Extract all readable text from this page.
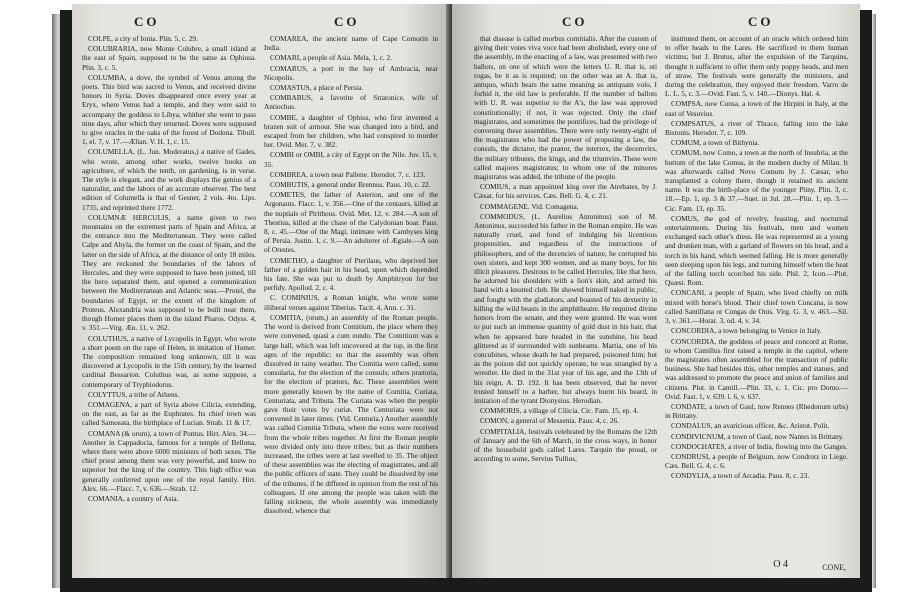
CO	CO

COLPE, a city of Ionia. Plin. 5, c. 29.

COLUBRARIA, now Monte Colubre, a small island at the east of Spain, supposed to be the same as Ophiusa. Plin. 3, c. 5.

COLUMBA, a dove, the symbol of Venus among the poets. This bird was sacred to Venus, and received divine honors in Syria. Doves disappeared once every year at Eryx, where Venus had a temple, and they were said to accompany the goddess to Libya, whither she went to pass nine days, after which they returned. Doves were supposed to give oracles in the oaks of the forest of Dodona. Tibull. 1, el. 7, v. 17.—Ælian. V. H. 1, c. 15.

COLUMELLA, (L. Jun. Moderatus,) a native of Gades, who wrote, among other works, twelve books on agriculture, of which the tenth, on gardening, is in verse. The style is elegant, and the work displays the genius of a naturalist, and the labors of an accurate observer. The best edition of Columella is that of Gesner, 2 vols. 4to. Lips. 1735, and reprinted there 1772.

COLUMNÆ HERCULIS, a name given to two mountains on the extremest parts of Spain and Africa, at the entrance into the Mediterranean. They were called Calpe and Abyla, the former on the coast of Spain, and the latter on the side of Africa, at the distance of only 18 miles. They are reckoned the boundaries of the labors of Hercules, and they were supposed to have been joined, till the hero separated them, and opened a communication between the Mediterranean and Atlantic seas.—Proteï, the boundaries of Egypt, or the extent of the kingdom of Proteus. Alexandria was supposed to be built near them, though Homer places them in the island Pharos. Odyss. 4, v. 351.—Virg. Æn. 11, v. 262.

COLUTHUS, a native of Lycopolis in Egypt, who wrote a short poem on the rape of Helen, in imitation of Homer. The composition remained long unknown, till it was discovered at Lycopolis in the 15th century, by the learned cardinal Bessarion. Coluthus was, as some suppose, a contemporary of Tryphiodorus.

COLYTTUS, a tribe of Athens.

COMAGENA, a part of Syria above Cilicia, extending, on the east, as far as the Euphrates. Its chief town was called Samosata, the birthplace of Lucian. Strab. 11 & 17.

COMANA (& orum), a town of Pontus. Hirt. Alex. 34.—Another in Cappadocia, famous for a temple of Bellona, where there were above 6000 ministers of both sexes. The chief priest among them was very powerful, and knew no superior but the king of the country. This high office was generally conferred upon one of the royal family. Hirt. Alex. 66.—Flacc. 7, v. 636.—Strab. 12.

COMANIA, a country of Asia.

COMAREA, the ancient name of Cape Comorin in India.

COMARI, a people of Asia. Mela, 1, c. 2.

COMARUS, a port in the bay of Ambracia, near Nicopolis.

COMASTUS, a place of Persia.

COMBABUS, a favorite of Stratonice, wife of Antiochus.

COMBE, a daughter of Ophius, who first invented a brazen suit of armour. She was changed into a bird, and escaped from her children, who had conspired to murder her. Ovid. Met. 7, v. 382.

COMBI or OMBI, a city of Egypt on the Nile. Juv. 15, v. 35.

COMBREA, a town near Pallene. Herodot. 7, c. 123.

COMBUTIS, a general under Brennus. Paus. 10, c. 22.

COMETES, the father of Asterion, and one of the Argonauts. Flacc. 1, v. 356.—One of the centaurs, killed at the nuptials of Pirithous. Ovid. Met. 12, v. 284.—A son of Thestius, killed at the chase of the Calydonian boar. Paus. 8, c. 45.—One of the Magi, intimate with Cambyses king of Persia. Justin. 1, c. 9.—An adulterer of Ægiale.—A son of Orestes.

COMETHO, a daughter of Pterilaus, who deprived her father of a golden hair in his head, upon which depended his fate. She was put to death by Amphitryon for her perfidy. Apollod. 2, c. 4.

C. COMINIUS, a Roman knight, who wrote some illiberal verses against Tiberius. Tacit. 4, Ann. c. 31.

COMITIA, (orum,) an assembly of the Roman people. The word is derived from Comitium, the place where they were convened, quasi a cum eundo. The Comitium was a large hall, which was left uncovered at the top, in the first ages of the republic; so that the assembly was often dissolved in rainy weather. The Comitia were called, some consularia, for the election of the consuls; others prætoria, for the election of prætors, &c. These assemblies were more generally known by the name of Comitia, Curiata, Centuriata, and Tributa. The Curiata was when the people gave their votes by curiæ. The Centuriata were not convened in later times. (Vid. Centuria.) Another assembly was called Comitia Tributa, where the votes were received from the whole tribes together. At first the Roman people were divided only into three tribes; but as their numbers increased, the tribes were at last swelled to 35. The object of these assemblies was the electing of magistrates, and all the public officers of state. They could be dissolved by one of the tribunes, if he differed in opinion from the rest of his colleagues. If one among the people was taken with the falling sickness, the whole assembly was immediately dissolved, whence that

CO	CO

that disease is called morbus comitialis. After the custom of giving their votes viva voce had been abolished, every one of the assembly, in the enacting of a law, was presented with two ballots, on one of which were the letters U. R. that is, uti rogas, be it as is required; on the other was an A. that is, antiquo, which bears the same meaning as antiquam volo, I forbid it, the old law is preferable. If the number of ballots with U. R. was superior to the A's, the law was approved constitutionally; if not, it was rejected. Only the chief magistrates, and sometimes the pontifices, had the privilege of convening these assemblies. There were only twenty-eight of the magistrates who had the power of proposing a law, the consuls, the dictator, the prætor, the interrex, the decemvirs, the military tribunes, the kings, and the triumvirs. These were called majores magistratus; to whom one of the minores magistratus was added, the tribune of the people.

COMIUS, a man appointed king over the Atrebates, by J. Cæsar, for his services. Cæs. Bell. G. 4, c. 21.

COMMAGENE. Vid. Comagena.

COMMODUS, (L. Aurelius Antoninus) son of M. Antoninus, succeeded his father in the Roman empire. He was naturally cruel, and fond of indulging his licentious propensities, and regardless of the instructions of philosophers, and of the decencies of nature, he corrupted his own sisters, and kept 300 women, and as many boys, for his illicit pleasures. Desirous to be called Hercules, like that hero, he adorned his shoulders with a lion's skin, and armed his hand with a knotted club. He showed himself naked in public, and fought with the gladiators, and boasted of his dexterity in killing the wild beasts in the amphitheatre. He required divine honors from the senate, and they were granted. He was wont to put such an immense quantity of gold dust in his hair, that when he appeared bare headed in the sunshine, his head glittered as if surrounded with sunbeams. Martia, one of his concubines, whose death he had prepared, poisoned him; but as the poison did not quickly operate, he was strangled by a wrestler. He died in the 31st year of his age, and the 13th of his reign, A. D. 192. It has been observed, that he never trusted himself to a barber, but always burnt his beard, in imitation of the tyrant Dionysius. Herodian.

COMMORIS, a village of Cilicia. Cic. Fam. 15, ep. 4.

COMON, a general of Messenia. Paus. 4, c. 26.

COMPITALIA, festivals celebrated by the Romans the 12th of January and the 6th of March, in the cross ways, in honor of the household gods called Lares. Tarquin the proud, or according to some, Servius Tullius,

instituted them, on account of an oracle which ordered him to offer heads to the Lares. He sacrificed to them human victims; but J. Brutus, after the expulsion of the Tarquins, thought it sufficient to offer them only poppy heads, and men of straw. The festivals were generally the ministers, and during the celebration, they enjoyed their freedom. Varro de L. L. 5, c. 3.—Ovid. Fast. 5, v. 140.—Dionys. Hal. 4.

COMPSA, now Consa, a town of the Hirpini in Italy, at the east of Vesuvius.

COMPSATUS, a river of Thrace, falling into the lake Bistonis. Herodot. 7, c. 109.

COMUM, a town of Bithynia.

COMUM, now Como, a town at the north of Insubria, at the bottom of the lake Comus, in the modern duchy of Milan. It was afterwards called Novo Comum by J. Cæsar, who transplanted a colony there, though it retained its ancient name. It was the birth-place of the younger Pliny. Plin. 3, c. 18.—Ep. 1, ep. 3 & 37.—Suet. in Jul. 28.—Plin. 1, ep. 3.—Cic. Fam. 13, ep. 35.

COMUS, the god of revelry, feasting, and nocturnal entertainments. During his festivals, men and women exchanged each other's dress. He was represented as a young and drunken man, with a garland of flowers on his head, and a torch in his hand, which seemed falling. He is more generally seen sleeping upon his legs, and turning himself when the heat of the falling torch scorched his side. Phil. 2, Icon.—Plut. Quæst. Rom.

CONCANI, a people of Spain, who lived chiefly on milk mixed with horse's blood. Their chief town Concana, is now called Santillana or Congas de Onis. Virg. G. 3, v. 463.—Sil. 3, v. 361.—Horat. 3, od. 4, v. 34.

CONCORDIA, a town belonging to Venice in Italy.

CONCORDIA, the goddess of peace and concord at Rome, to whom Camillus first raised a temple in the capitol, where the magistrates often assembled for the transaction of public business. She had besides this, other temples and statues, and was addressed to promote the peace and union of families and citizens. Plut. in Camill.—Plin. 33, c. 1. Cic. pro Domo.—Ovid. Fast. 1, v. 639. l. 6, v. 637.

CONDATE, a town of Gaul, now Rennes (Rhedonum urbs) in Brittany.

CONDALUS, an avaricious officer, &c. Aristot. Polit.

CONDIVICNUM, a town of Gaul, now Nantes in Brittany.

CONDOCHATES, a river of India, flowing into the Ganges.

CONDRUSI, a people of Belgium, now Condrotz in Liege. Cæs. Bell. G. 4, c. 6.

CONDYLIA, a town of Arcadia. Paus. 8, c. 23.

O 4	CONE,
